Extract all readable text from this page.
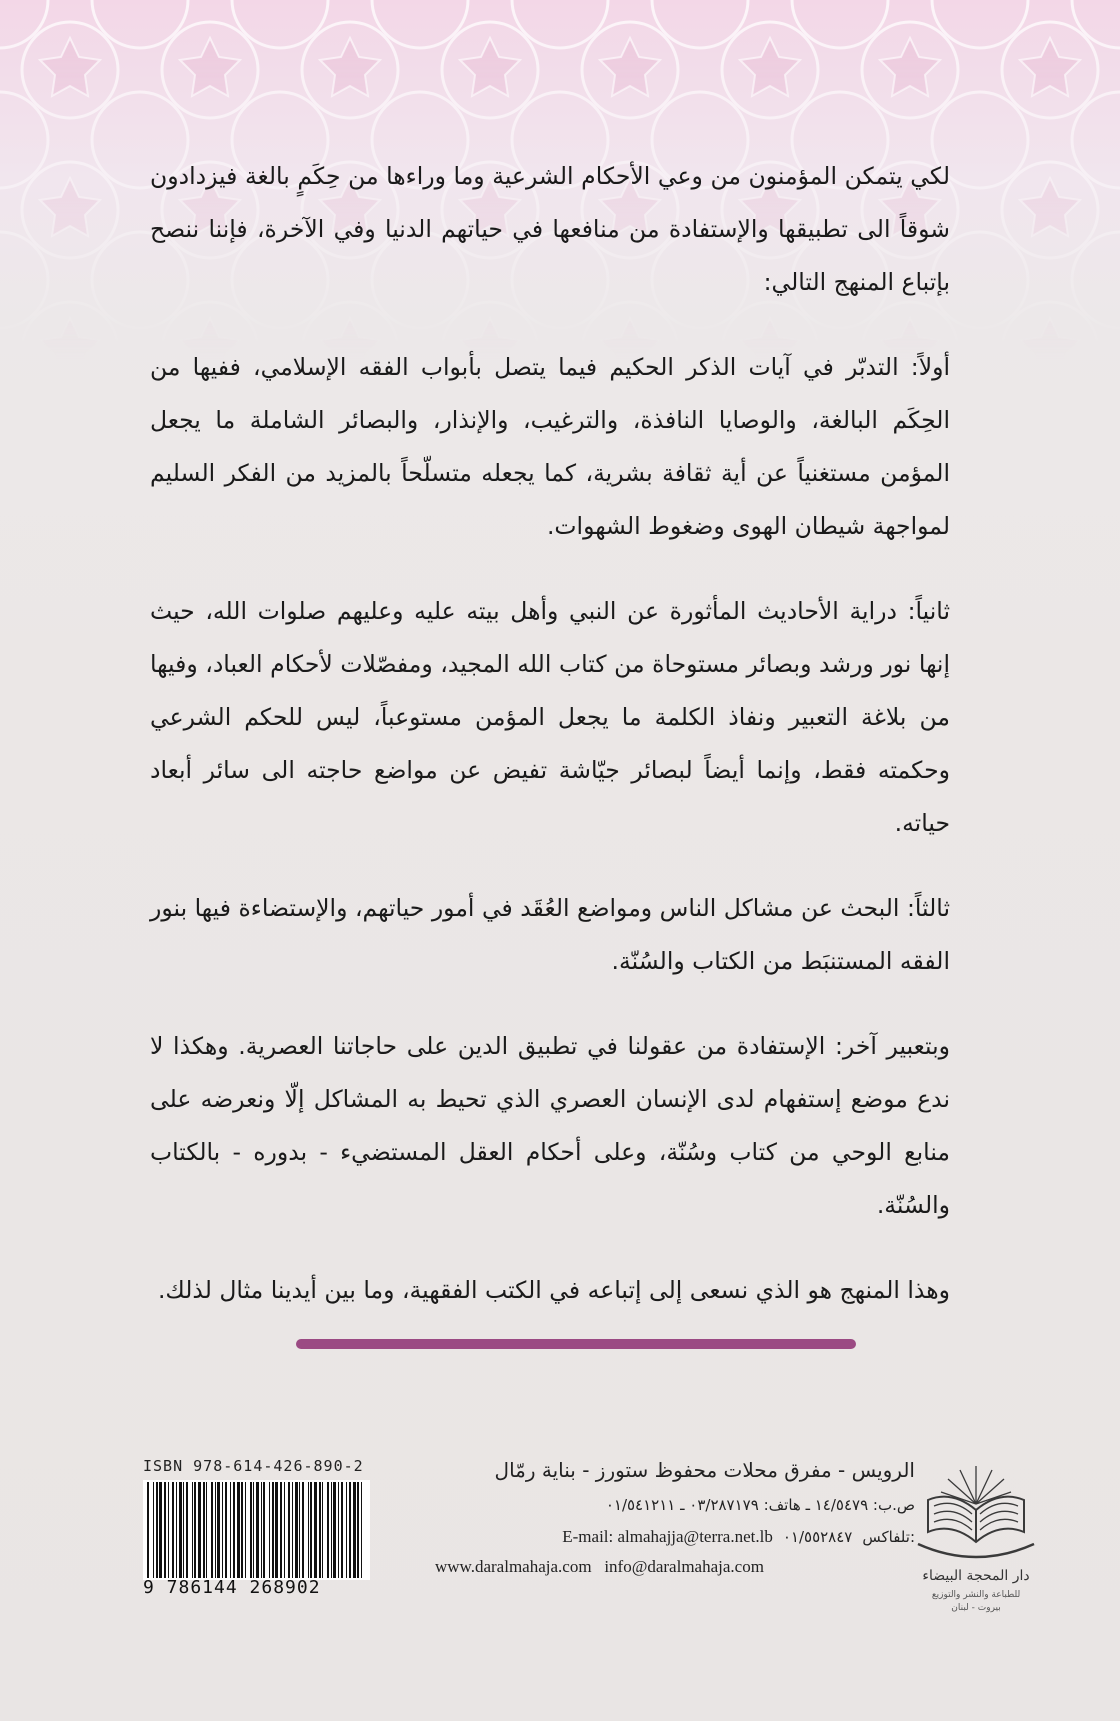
لكي يتمكن المؤمنون من وعي الأحكام الشرعية وما وراءها من حِكَمٍ بالغة فيزدادون شوقاً الى تطبيقها والإستفادة من منافعها في حياتهم الدنيا وفي الآخرة، فإننا ننصح بإتباع المنهج التالي:

أولاً: التدبّر في آيات الذكر الحكيم فيما يتصل بأبواب الفقه الإسلامي، ففيها من الحِكَم البالغة، والوصايا النافذة، والترغيب، والإنذار، والبصائر الشاملة ما يجعل المؤمن مستغنياً عن أية ثقافة بشرية، كما يجعله متسلّحاً بالمزيد من الفكر السليم لمواجهة شيطان الهوى وضغوط الشهوات.

ثانياً: دراية الأحاديث المأثورة عن النبي وأهل بيته عليه وعليهم صلوات الله، حيث إنها نور ورشد وبصائر مستوحاة من كتاب الله المجيد، ومفصّلات لأحكام العباد، وفيها من بلاغة التعبير ونفاذ الكلمة ما يجعل المؤمن مستوعباً، ليس للحكم الشرعي وحكمته فقط، وإنما أيضاً لبصائر جيّاشة تفيض عن مواضع حاجته الى سائر أبعاد حياته.

ثالثاً: البحث عن مشاكل الناس ومواضع العُقَد في أمور حياتهم، والإستضاءة فيها بنور الفقه المستنبَط من الكتاب والسُنّة.

وبتعبير آخر: الإستفادة من عقولنا في تطبيق الدين على حاجاتنا العصرية. وهكذا لا ندع موضع إستفهام لدى الإنسان العصري الذي تحيط به المشاكل إلّا ونعرضه على منابع الوحي من كتاب وسُنّة، وعلى أحكام العقل المستضيء - بدوره - بالكتاب والسُنّة.

وهذا المنهج هو الذي نسعى إلى إتباعه في الكتب الفقهية، وما بين أيدينا مثال لذلك.

ISBN 978-614-426-890-2
9 786144 268902
الرويس - مفرق محلات محفوظ ستورز - بناية رمّال
ص.ب: ١٤/٥٤٧٩ ـ هاتف: ٠٣/٢٨٧١٧٩ ـ ٠١/٥٤١٢١١
E-mail: almahajja@terra.net.lb ٠١/٥٥٢٨٤٧ تلفاكس:
www.daralmahaja.com info@daralmahaja.com	دار المحجة البيضاء
للطباعة والنشر والتوزيع
بيروت - لبنان
